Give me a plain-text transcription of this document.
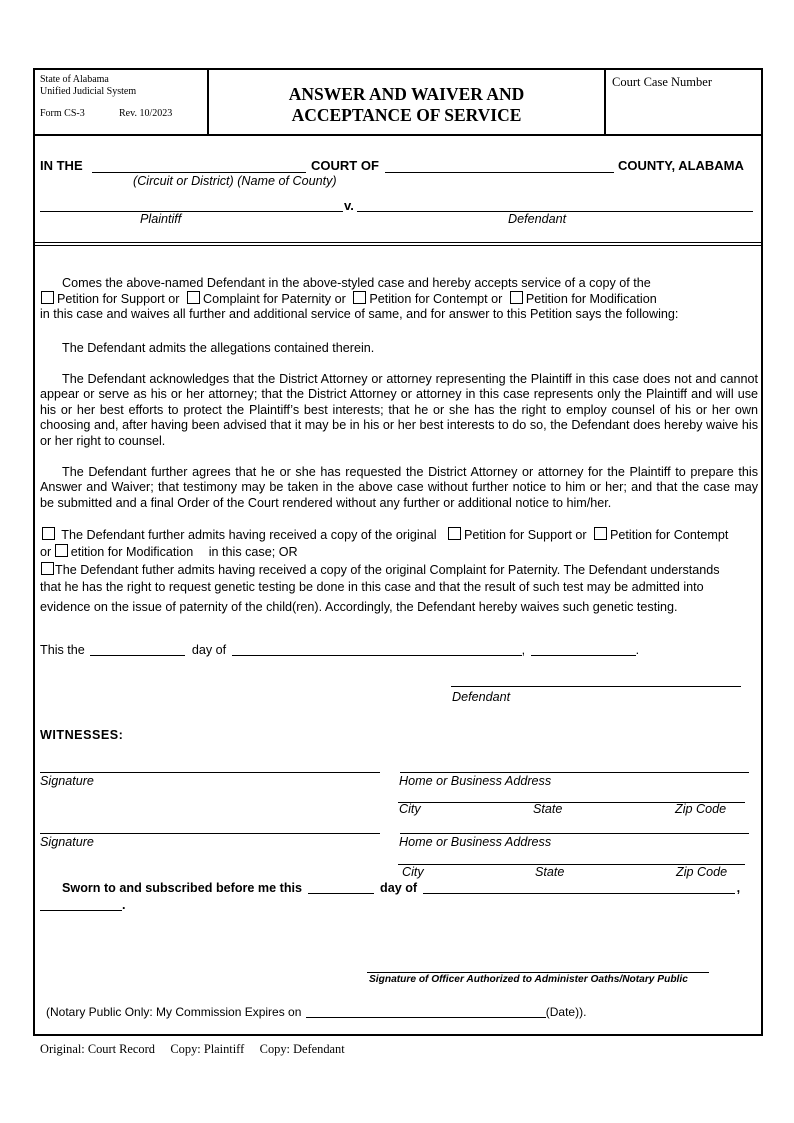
State of Alabama
Unified Judicial System
Form CS-3	Rev. 10/2023
ANSWER AND WAIVER AND
ACCEPTANCE OF SERVICE
Court Case Number
IN THE	COURT OF	COUNTY, ALABAMA
(Circuit or District) (Name of County)
v.
Plaintiff	Defendant
Comes the above-named Defendant in the above-styled case and hereby accepts service of a copy of the
Petition for Support or Complaint for Paternity or Petition for Contempt or Petition for Modification
in this case and waives all further and additional service of same, and for answer to this Petition says the following:
The Defendant admits the allegations contained therein.
The Defendant acknowledges that the District Attorney or attorney representing the Plaintiff in this case does not and cannot appear or serve as his or her attorney; that the District Attorney or attorney in this case represents only the Plaintiff and will use his or her best efforts to protect the Plaintiff’s best interests; that he or she has the right to employ counsel of his or her own choosing and, after having been advised that it may be in his or her best interests to do so, the Defendant does hereby waive his or her right to counsel.
The Defendant further agrees that he or she has requested the District Attorney or attorney for the Plaintiff to prepare this Answer and Waiver; that testimony may be taken in the above case without further notice to him or her; and that the case may be submitted and a final Order of the Court rendered without any further or additional notice to him/her.
The Defendant further admits having received a copy of the original Petition for Support or Petition for Contempt
or etition for Modification in this case; OR
The Defendant futher admits having received a copy of the original Complaint for Paternity. The Defendant understands
that he has the right to request genetic testing be done in this case and that the result of such test may be admitted into
evidence on the issue of paternity of the child(ren). Accordingly, the Defendant hereby waives such genetic testing.
This the	day of	,	.
Defendant
WITNESSES:
Signature	Home or Business Address
City	State	Zip Code
Signature	Home or Business Address
City	State	Zip Code
Sworn to and subscribed before me this	day of	,
.
Signature of Officer Authorized to Administer Oaths/Notary Public
(Notary Public Only: My Commission Expires on	(Date)).
Original: Court Record     Copy: Plaintiff     Copy: Defendant
